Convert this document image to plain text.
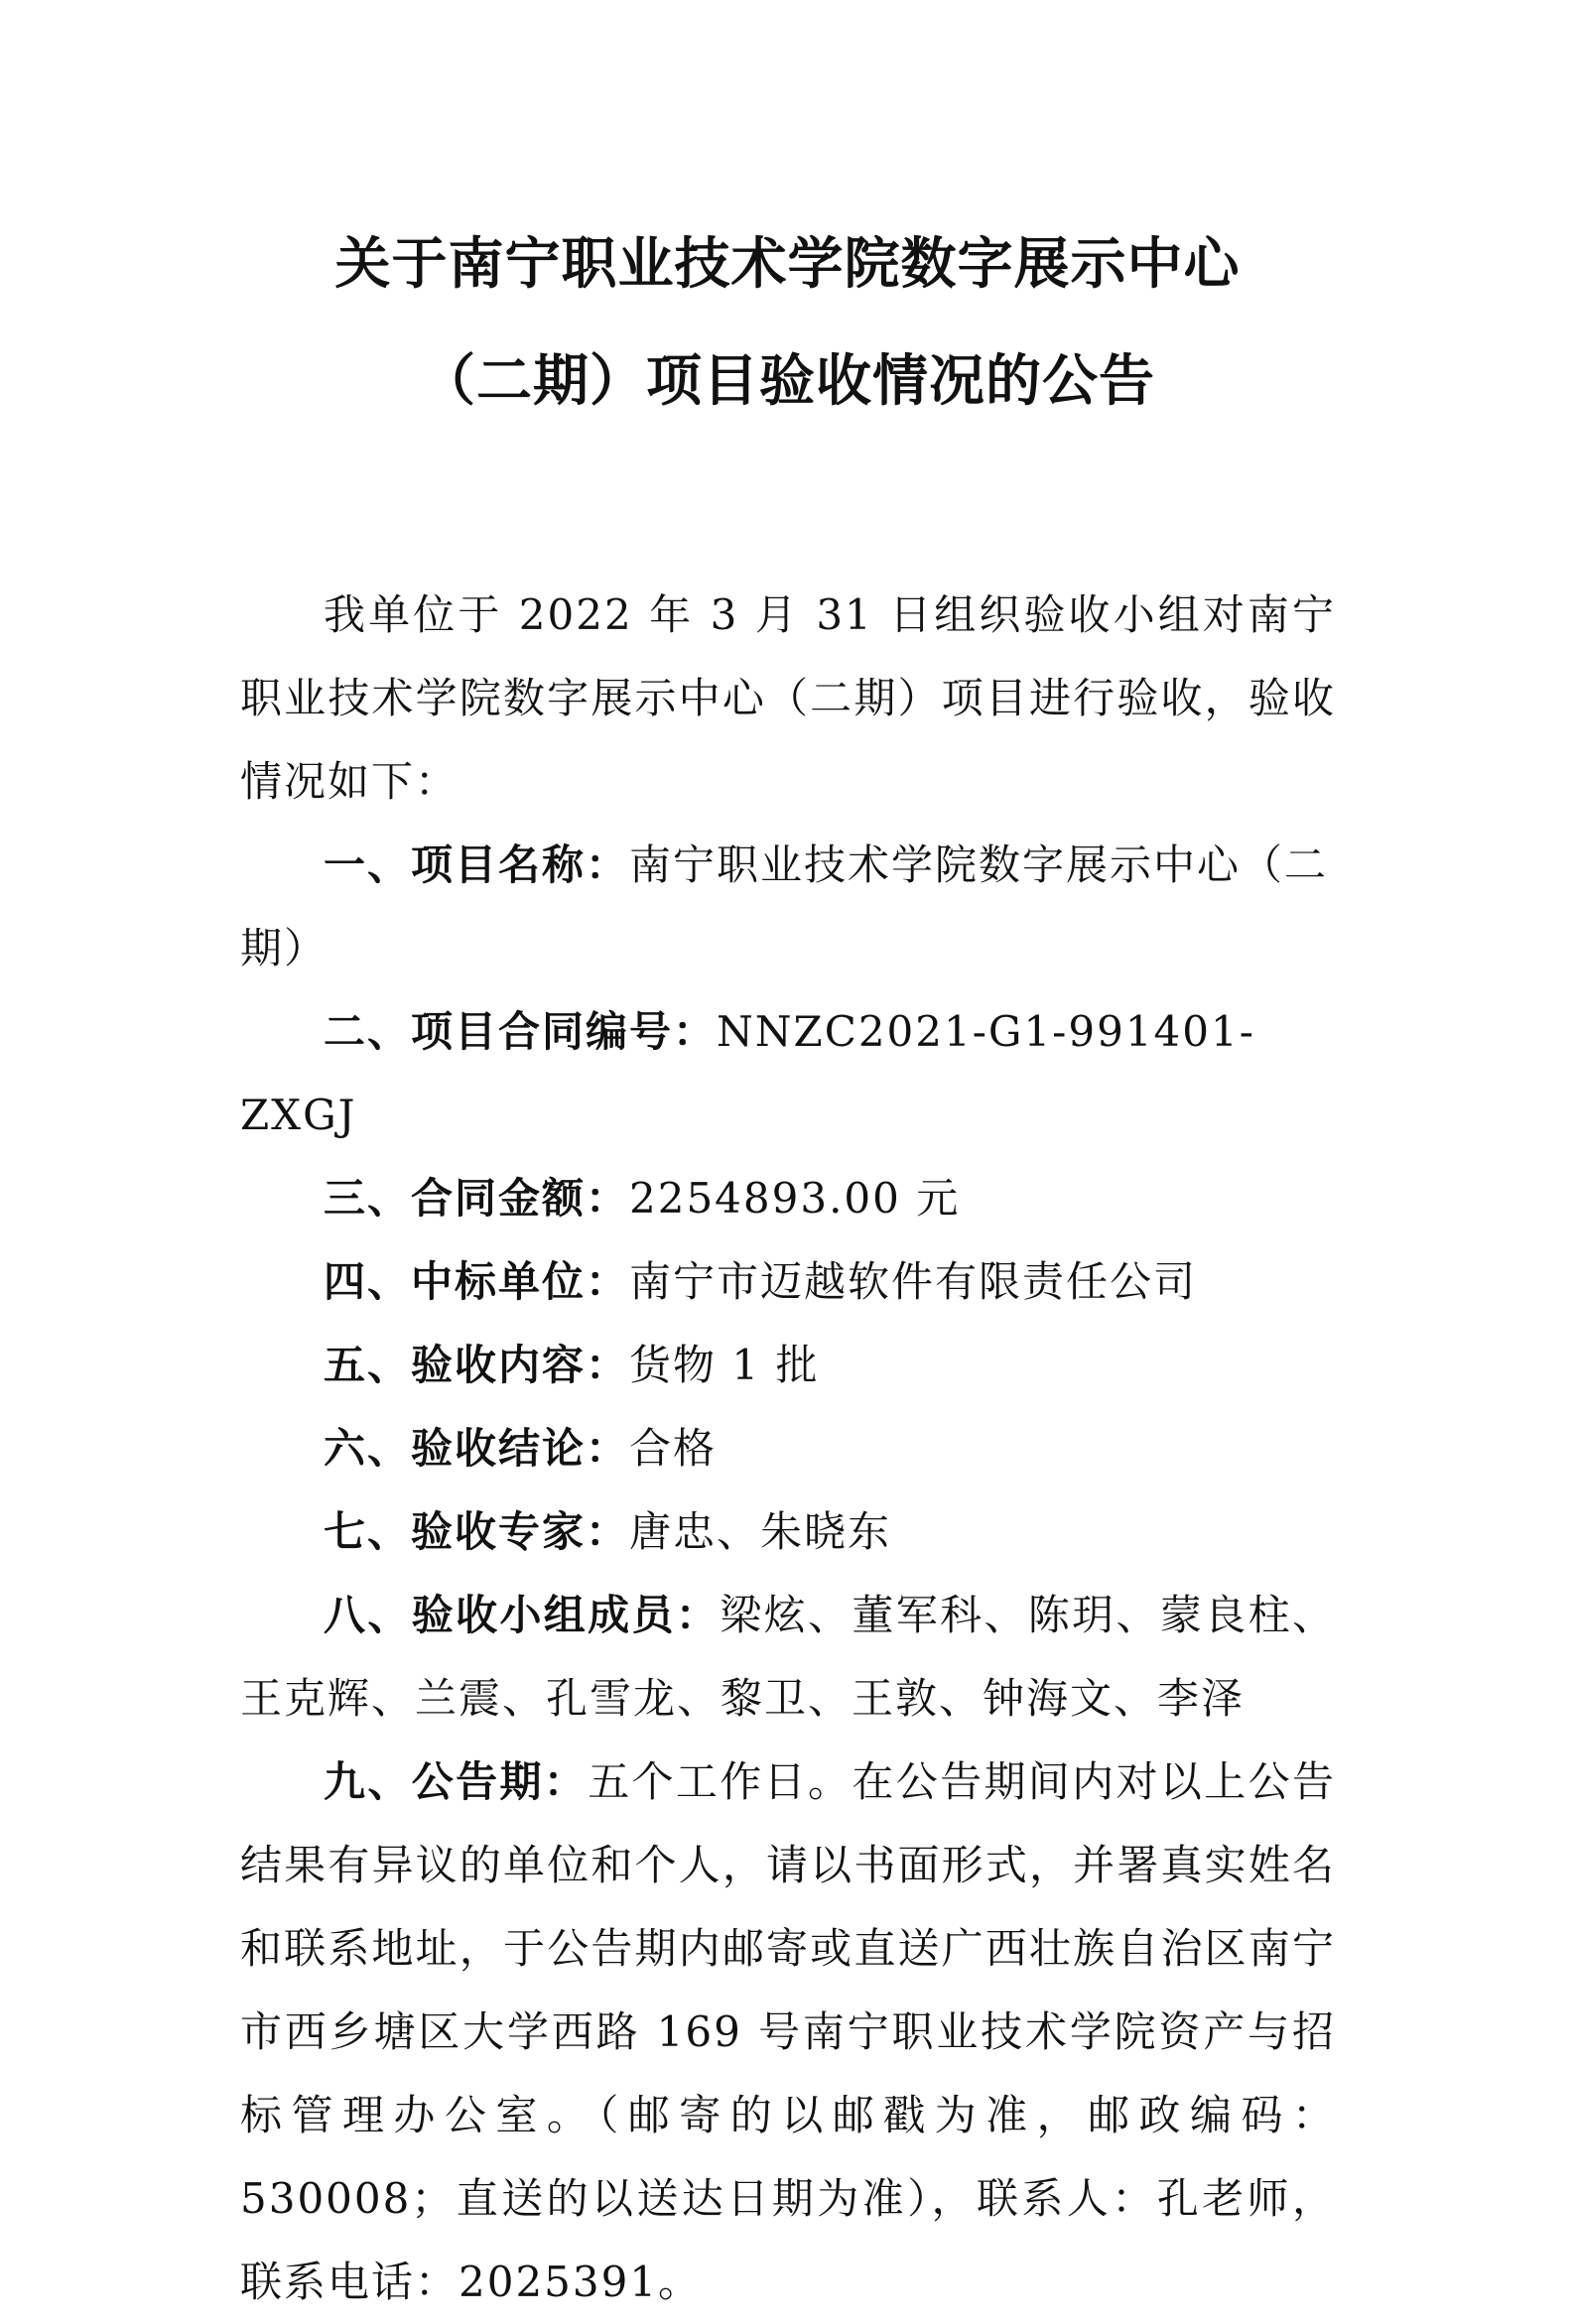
关于南宁职业技术学院数字展示中心
（二期）项目验收情况的公告

我单位于 2022 年 3 月 31 日组织验收小组对南宁职业技术学院数字展示中心（二期）项目进行验收，验收情况如下：

一、项目名称：南宁职业技术学院数字展示中心（二期）

二、项目合同编号：NNZC2021-G1-991401-ZXGJ

三、合同金额：2254893.00 元

四、中标单位：南宁市迈越软件有限责任公司

五、验收内容：货物 1 批

六、验收结论：合格

七、验收专家：唐忠、朱晓东

八、验收小组成员：梁炫、董军科、陈玥、蒙良柱、王克辉、兰震、孔雪龙、黎卫、王敦、钟海文、李泽

九、公告期：五个工作日。在公告期间内对以上公告结果有异议的单位和个人，请以书面形式，并署真实姓名和联系地址，于公告期内邮寄或直送广西壮族自治区南宁市西乡塘区大学西路 169 号南宁职业技术学院资产与招标管理办公室。（邮寄的以邮戳为准，邮政编码：530008；直送的以送达日期为准），联系人：孔老师，联系电话：2025391。
